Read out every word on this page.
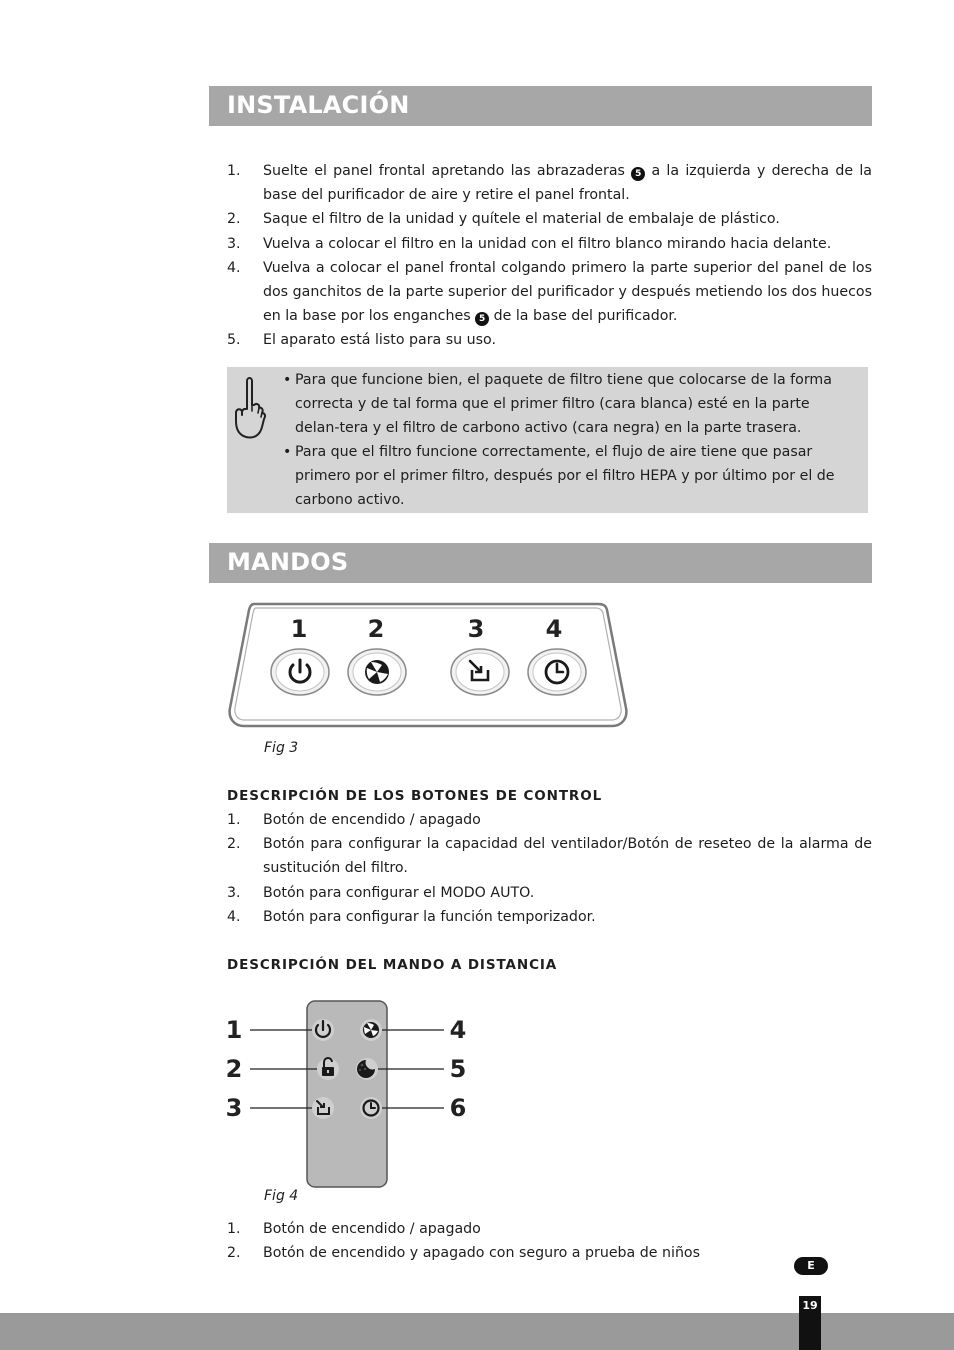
INSTALACIÓN
1. Suelte el panel frontal apretando las abrazaderas 5 a la izquierda y derecha de la base del purificador de aire y retire el panel frontal.
2. Saque el filtro de la unidad y quítele el material de embalaje de plástico.
3. Vuelva a colocar el filtro en la unidad con el filtro blanco mirando hacia delante.
4. Vuelva a colocar el panel frontal colgando primero la parte superior del panel de los dos ganchitos de la parte superior del purificador y después metiendo los dos huecos en la base por los enganches 5 de la base del purificador.
5. El aparato está listo para su uso.
• Para que funcione bien, el paquete de filtro tiene que colocarse de la forma correcta y de tal forma que el primer filtro (cara blanca) esté en la parte delan-tera y el filtro de carbono activo (cara negra) en la parte trasera.
• Para que el filtro funcione correctamente, el flujo de aire tiene que pasar primero por el primer filtro, después por el filtro HEPA y por último por el de carbono activo.
MANDOS
1	2	3	4
Fig 3
DESCRIPCIÓN DE LOS BOTONES DE CONTROL
1. Botón de encendido / apagado
2. Botón para configurar la capacidad del ventilador/Botón de reseteo de la alarma de sustitución del filtro.
3. Botón para configurar el MODO AUTO.
4. Botón para configurar la función temporizador.
DESCRIPCIÓN DEL MANDO A DISTANCIA
1
2
3
4
5
6
Fig 4
1. Botón de encendido / apagado
2. Botón de encendido y apagado con seguro a prueba de niños
E
19
